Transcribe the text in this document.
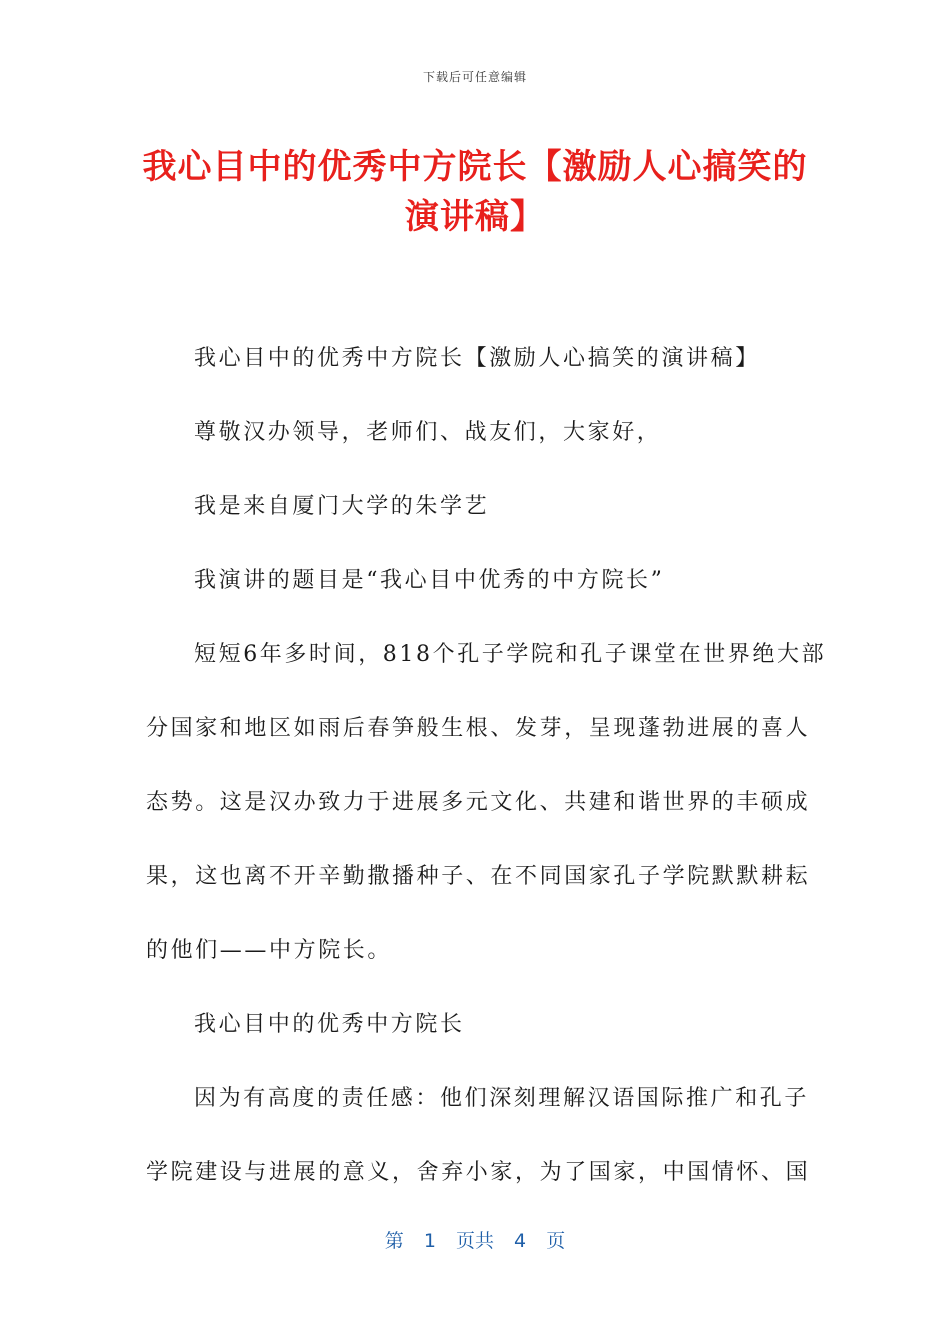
下载后可任意编辑
我心目中的优秀中方院长【激励人心搞笑的
演讲稿】

我心目中的优秀中方院长【激励人心搞笑的演讲稿】

尊敬汉办领导，老师们、战友们，大家好，

我是来自厦门大学的朱学艺

我演讲的题目是“我心目中优秀的中方院长”

短短6年多时间，818个孔子学院和孔子课堂在世界绝大部

分国家和地区如雨后春笋般生根、发芽，呈现蓬勃进展的喜人

态势。这是汉办致力于进展多元文化、共建和谐世界的丰硕成

果，这也离不开辛勤撒播种子、在不同国家孔子学院默默耕耘

的他们——中方院长。

我心目中的优秀中方院长

因为有高度的责任感：他们深刻理解汉语国际推广和孔子

学院建设与进展的意义，舍弃小家，为了国家，中国情怀、国

第 1 页共 4 页
